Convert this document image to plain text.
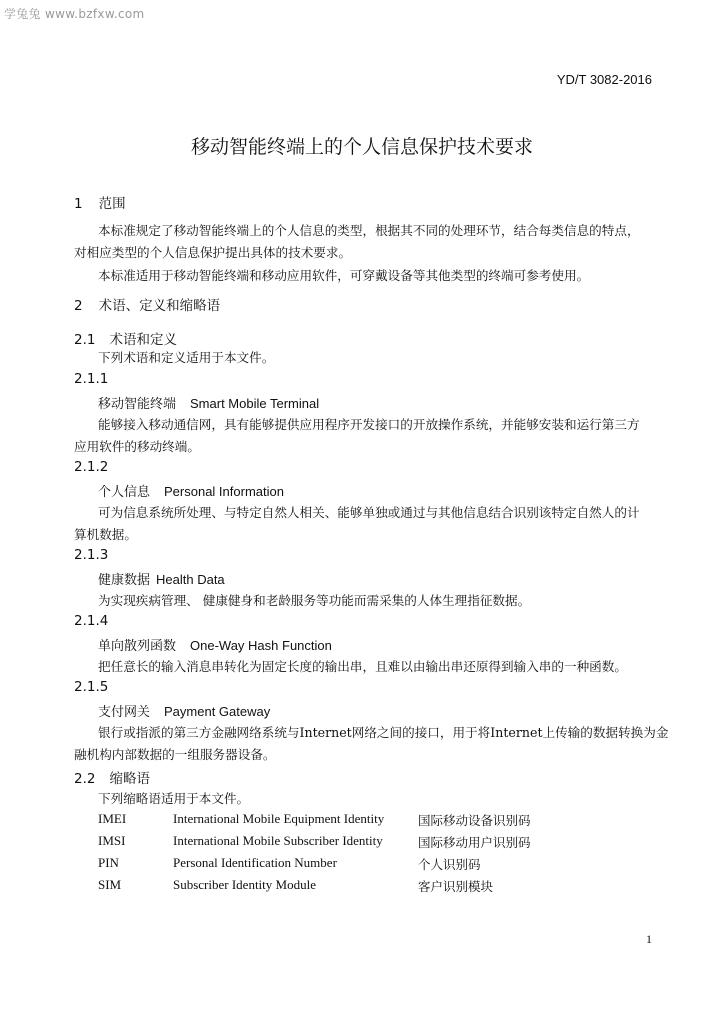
学兔兔 www.bzfxw.com
YD/T 3082-2016
移动智能终端上的个人信息保护技术要求
1 范围
本标准规定了移动智能终端上的个人信息的类型，根据其不同的处理环节，结合每类信息的特点，
对相应类型的个人信息保护提出具体的技术要求。
本标准适用于移动智能终端和移动应用软件，可穿戴设备等其他类型的终端可参考使用。
2 术语、定义和缩略语
2.1 术语和定义
下列术语和定义适用于本文件。
2.1.1
移动智能终端 Smart Mobile Terminal
能够接入移动通信网，具有能够提供应用程序开发接口的开放操作系统，并能够安装和运行第三方
应用软件的移动终端。
2.1.2
个人信息 Personal Information
可为信息系统所处理、与特定自然人相关、能够单独或通过与其他信息结合识别该特定自然人的计
算机数据。
2.1.3
健康数据 Health Data
为实现疾病管理、 健康健身和老龄服务等功能而需采集的人体生理指征数据。
2.1.4
单向散列函数 One-Way Hash Function
把任意长的输入消息串转化为固定长度的输出串，且难以由输出串还原得到输入串的一种函数。
2.1.5
支付网关 Payment Gateway
银行或指派的第三方金融网络系统与Internet网络之间的接口，用于将Internet上传输的数据转换为金
融机构内部数据的一组服务器设备。
2.2 缩略语
下列缩略语适用于本文件。
IMEI	International Mobile Equipment Identity	国际移动设备识别码
IMSI	International Mobile Subscriber Identity	国际移动用户识别码
PIN	Personal Identification Number	个人识别码
SIM	Subscriber Identity Module	客户识别模块
1
